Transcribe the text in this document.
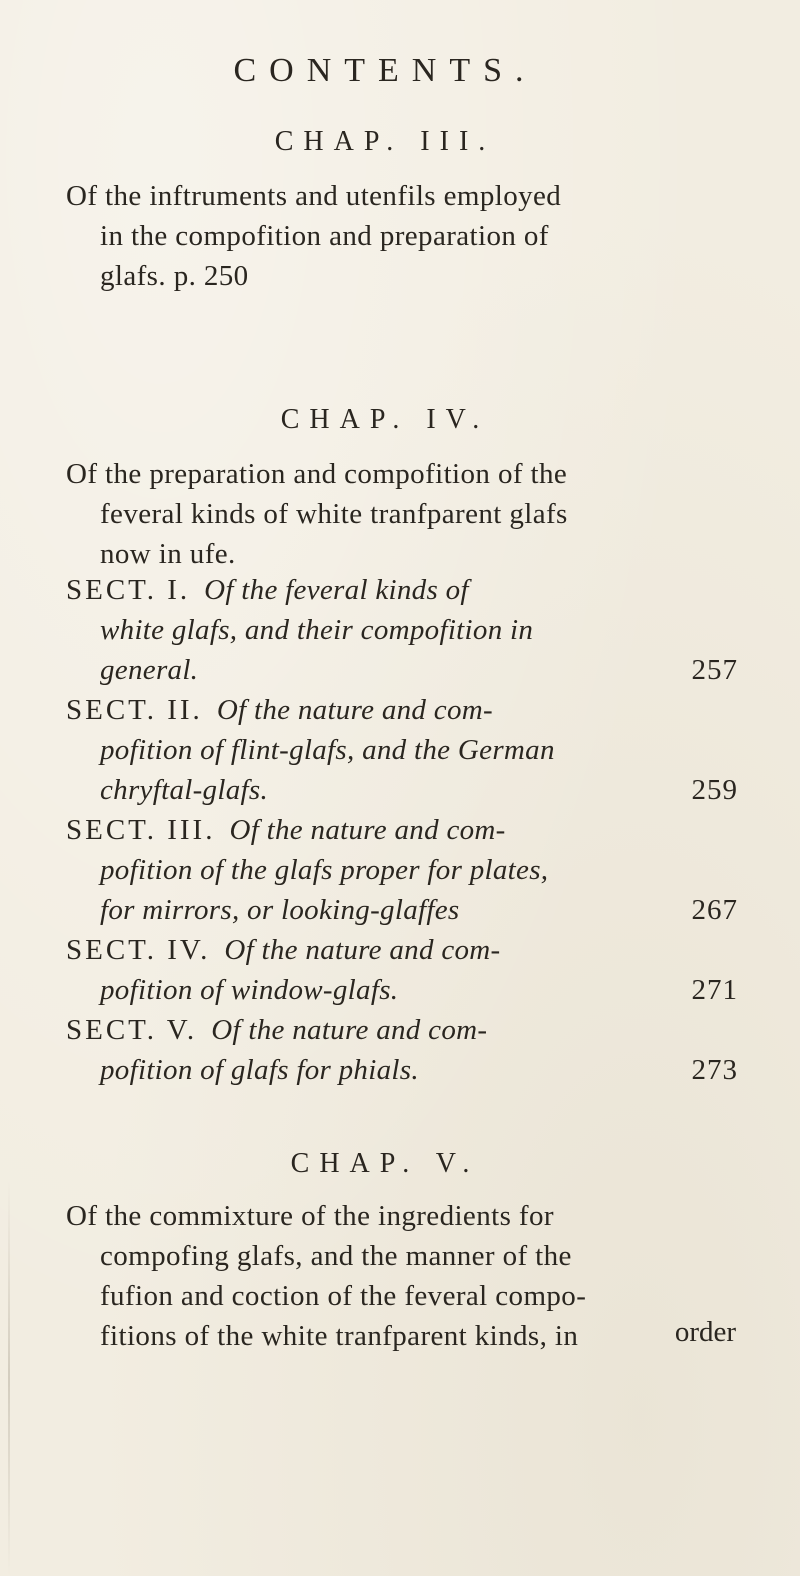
CONTENTS.
CHAP. III.
Of the inftruments and utenfils employed
in the compofition and preparation of
glafs. p. 250
CHAP. IV.
Of the preparation and compofition of the
feveral kinds of white tranfparent glafs
now in ufe.
SECT. I. Of the feveral kinds of
white glafs, and their compofition in
general.	257
SECT. II. Of the nature and com-
pofition of flint-glafs, and the German
chryftal-glafs.	259
SECT. III. Of the nature and com-
pofition of the glafs proper for plates,
for mirrors, or looking-glaffes	267
SECT. IV. Of the nature and com-
pofition of window-glafs.	271
SECT. V. Of the nature and com-
pofition of glafs for phials.	273
CHAP. V.
Of the commixture of the ingredients for
compofing glafs, and the manner of the
fufion and coction of the feveral compo-
fitions of the white tranfparent kinds, in	order
